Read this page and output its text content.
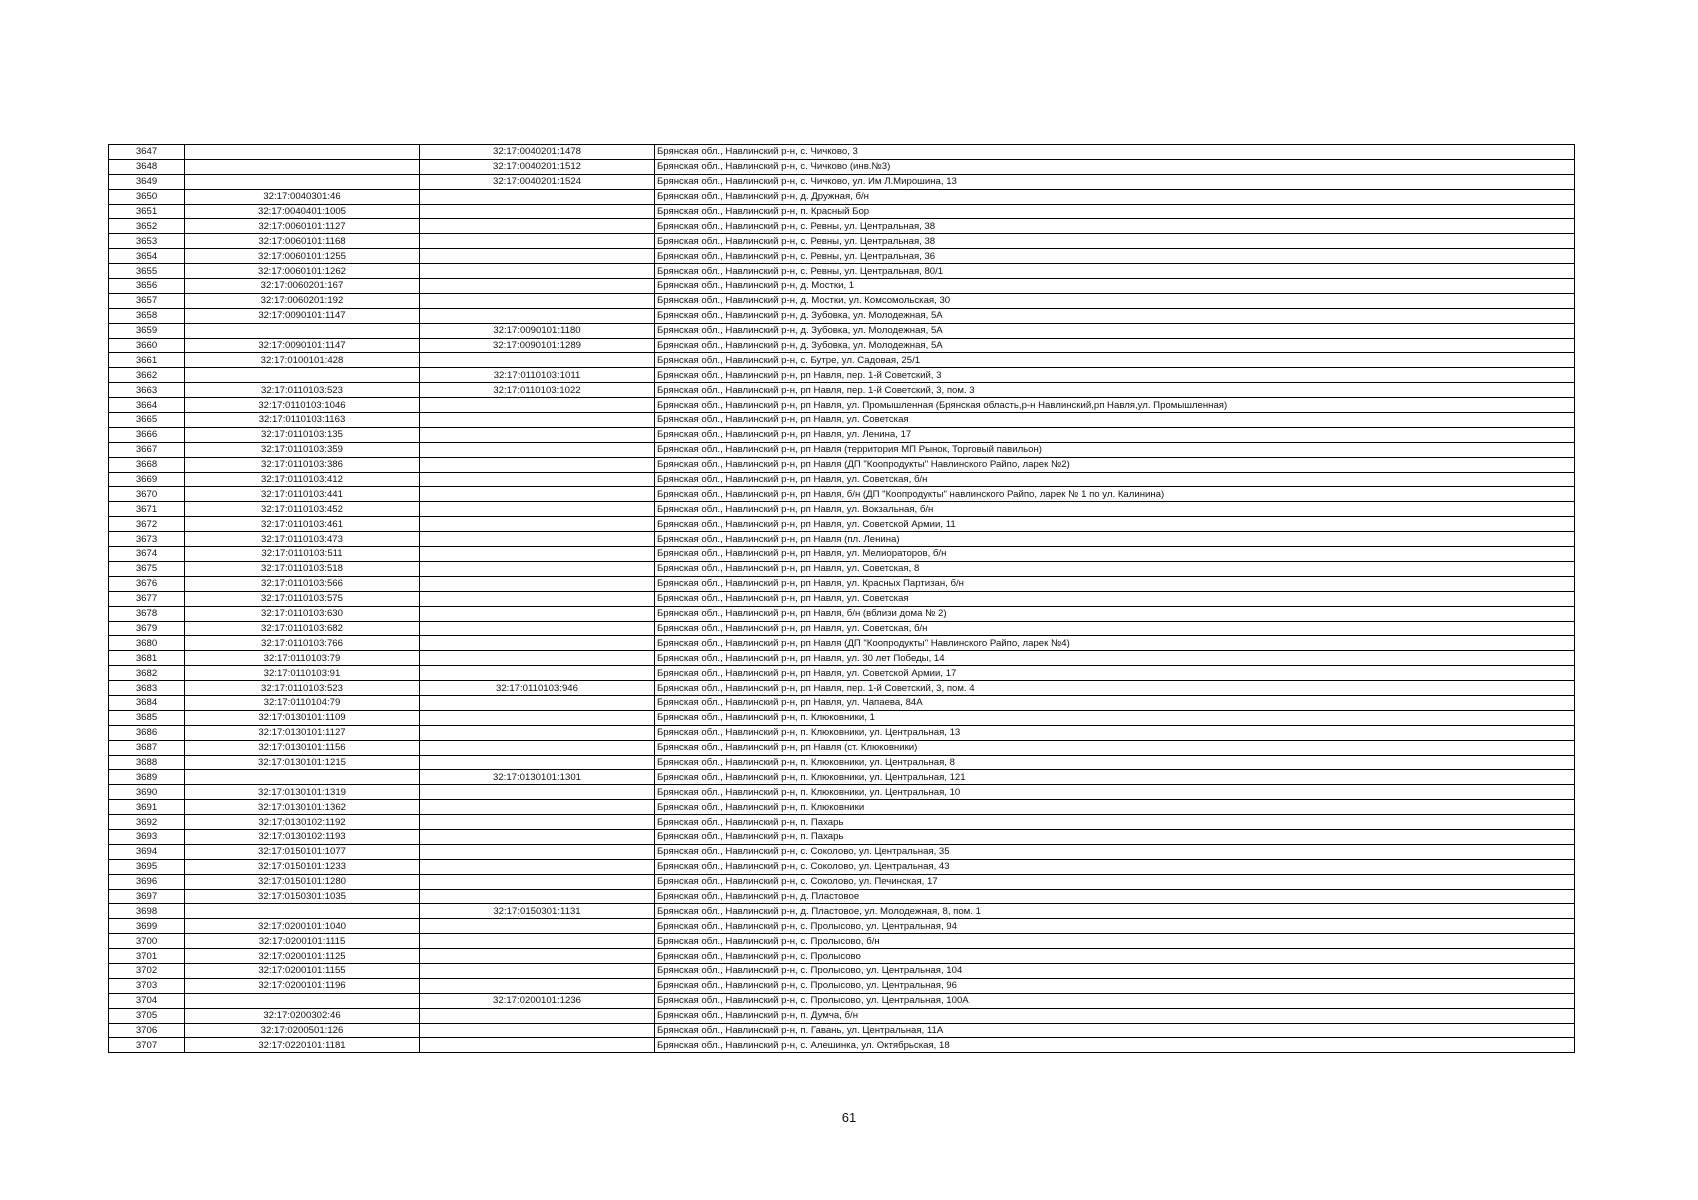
3647		32:17:0040201:1478	Брянская обл., Навлинский р-н, с. Чичково, 3
3648		32:17:0040201:1512	Брянская обл., Навлинский р-н, с. Чичково (инв.№3)
3649		32:17:0040201:1524	Брянская обл., Навлинский р-н, с. Чичково, ул. Им Л.Мирошина, 13
3650	32:17:0040301:46		Брянская обл., Навлинский р-н, д. Дружная, б/н
3651	32:17:0040401:1005		Брянская обл., Навлинский р-н, п. Красный Бор
3652	32:17:0060101:1127		Брянская обл., Навлинский р-н, с. Ревны, ул. Центральная, 38
3653	32:17:0060101:1168		Брянская обл., Навлинский р-н, с. Ревны, ул. Центральная, 38
3654	32:17:0060101:1255		Брянская обл., Навлинский р-н, с. Ревны, ул. Центральная, 36
3655	32:17:0060101:1262		Брянская обл., Навлинский р-н, с. Ревны, ул. Центральная, 80/1
3656	32:17:0060201:167		Брянская обл., Навлинский р-н, д. Мостки, 1
3657	32:17:0060201:192		Брянская обл., Навлинский р-н, д. Мостки, ул. Комсомольская, 30
3658	32:17:0090101:1147		Брянская обл., Навлинский р-н, д. Зубовка, ул. Молодежная, 5А
3659		32:17:0090101:1180	Брянская обл., Навлинский р-н, д. Зубовка, ул. Молодежная, 5А
3660	32:17:0090101:1147	32:17:0090101:1289	Брянская обл., Навлинский р-н, д. Зубовка, ул. Молодежная, 5А
3661	32:17:0100101:428		Брянская обл., Навлинский р-н, с. Бутре, ул. Садовая, 25/1
3662		32:17:0110103:1011	Брянская обл., Навлинский р-н, рп Навля, пер. 1-й Советский, 3
3663	32:17:0110103:523	32:17:0110103:1022	Брянская обл., Навлинский р-н, рп Навля, пер. 1-й Советский, 3, пом. 3
3664	32:17:0110103:1046		Брянская обл., Навлинский р-н, рп Навля, ул. Промышленная (Брянская область,р-н Навлинский,рп Навля,ул. Промышленная)
3665	32:17:0110103:1163		Брянская обл., Навлинский р-н, рп Навля, ул. Советская
3666	32:17:0110103:135		Брянская обл., Навлинский р-н, рп Навля, ул. Ленина, 17
3667	32:17:0110103:359		Брянская обл., Навлинский р-н, рп Навля (территория МП Рынок, Торговый павильон)
3668	32:17:0110103:386		Брянская обл., Навлинский р-н, рп Навля (ДП "Коопродукты" Навлинского Райпо, ларек №2)
3669	32:17:0110103:412		Брянская обл., Навлинский р-н, рп Навля, ул. Советская, б/н
3670	32:17:0110103:441		Брянская обл., Навлинский р-н, рп Навля, б/н (ДП "Коопродукты" навлинского Райпо, ларек № 1 по ул. Калинина)
3671	32:17:0110103:452		Брянская обл., Навлинский р-н, рп Навля, ул. Вокзальная, б/н
3672	32:17:0110103:461		Брянская обл., Навлинский р-н, рп Навля, ул. Советской Армии, 11
3673	32:17:0110103:473		Брянская обл., Навлинский р-н, рп Навля (пл. Ленина)
3674	32:17:0110103:511		Брянская обл., Навлинский р-н, рп Навля, ул. Мелиораторов, б/н
3675	32:17:0110103:518		Брянская обл., Навлинский р-н, рп Навля, ул. Советская, 8
3676	32:17:0110103:566		Брянская обл., Навлинский р-н, рп Навля, ул. Красных Партизан, б/н
3677	32:17:0110103:575		Брянская обл., Навлинский р-н, рп Навля, ул. Советская
3678	32:17:0110103:630		Брянская обл., Навлинский р-н, рп Навля, б/н (вблизи дома № 2)
3679	32:17:0110103:682		Брянская обл., Навлинский р-н, рп Навля, ул. Советская, б/н
3680	32:17:0110103:766		Брянская обл., Навлинский р-н, рп Навля (ДП "Коопродукты" Навлинского Райпо, ларек №4)
3681	32:17:0110103:79		Брянская обл., Навлинский р-н, рп Навля, ул. 30 лет Победы, 14
3682	32:17:0110103:91		Брянская обл., Навлинский р-н, рп Навля, ул. Советской Армии, 17
3683	32:17:0110103:523	32:17:0110103:946	Брянская обл., Навлинский р-н, рп Навля, пер. 1-й Советский, 3, пом. 4
3684	32:17:0110104:79		Брянская обл., Навлинский р-н, рп Навля, ул. Чапаева, 84А
3685	32:17:0130101:1109		Брянская обл., Навлинский р-н, п. Клюковники, 1
3686	32:17:0130101:1127		Брянская обл., Навлинский р-н, п. Клюковники, ул. Центральная, 13
3687	32:17:0130101:1156		Брянская обл., Навлинский р-н, рп Навля (ст. Клюковники)
3688	32:17:0130101:1215		Брянская обл., Навлинский р-н, п. Клюковники, ул. Центральная, 8
3689		32:17:0130101:1301	Брянская обл., Навлинский р-н, п. Клюковники, ул. Центральная, 121
3690	32:17:0130101:1319		Брянская обл., Навлинский р-н, п. Клюковники, ул. Центральная, 10
3691	32:17:0130101:1362		Брянская обл., Навлинский р-н, п. Клюковники
3692	32:17:0130102:1192		Брянская обл., Навлинский р-н, п. Пахарь
3693	32:17:0130102:1193		Брянская обл., Навлинский р-н, п. Пахарь
3694	32:17:0150101:1077		Брянская обл., Навлинский р-н, с. Соколово, ул. Центральная, 35
3695	32:17:0150101:1233		Брянская обл., Навлинский р-н, с. Соколово, ул. Центральная, 43
3696	32:17:0150101:1280		Брянская обл., Навлинский р-н, с. Соколово, ул. Печинская, 17
3697	32:17:0150301:1035		Брянская обл., Навлинский р-н, д. Пластовое
3698		32:17:0150301:1131	Брянская обл., Навлинский р-н, д. Пластовое, ул. Молодежная, 8, пом. 1
3699	32:17:0200101:1040		Брянская обл., Навлинский р-н, с. Пролысово, ул. Центральная, 94
3700	32:17:0200101:1115		Брянская обл., Навлинский р-н, с. Пролысово, б/н
3701	32:17:0200101:1125		Брянская обл., Навлинский р-н, с. Пролысово
3702	32:17:0200101:1155		Брянская обл., Навлинский р-н, с. Пролысово, ул. Центральная, 104
3703	32:17:0200101:1196		Брянская обл., Навлинский р-н, с. Пролысово, ул. Центральная, 96
3704		32:17:0200101:1236	Брянская обл., Навлинский р-н, с. Пролысово, ул. Центральная, 100А
3705	32:17:0200302:46		Брянская обл., Навлинский р-н, п. Думча, б/н
3706	32:17:0200501:126		Брянская обл., Навлинский р-н, п. Гавань, ул. Центральная, 11А
3707	32:17:0220101:1181		Брянская обл., Навлинский р-н, с. Алешинка, ул. Октябрьская, 18
61
